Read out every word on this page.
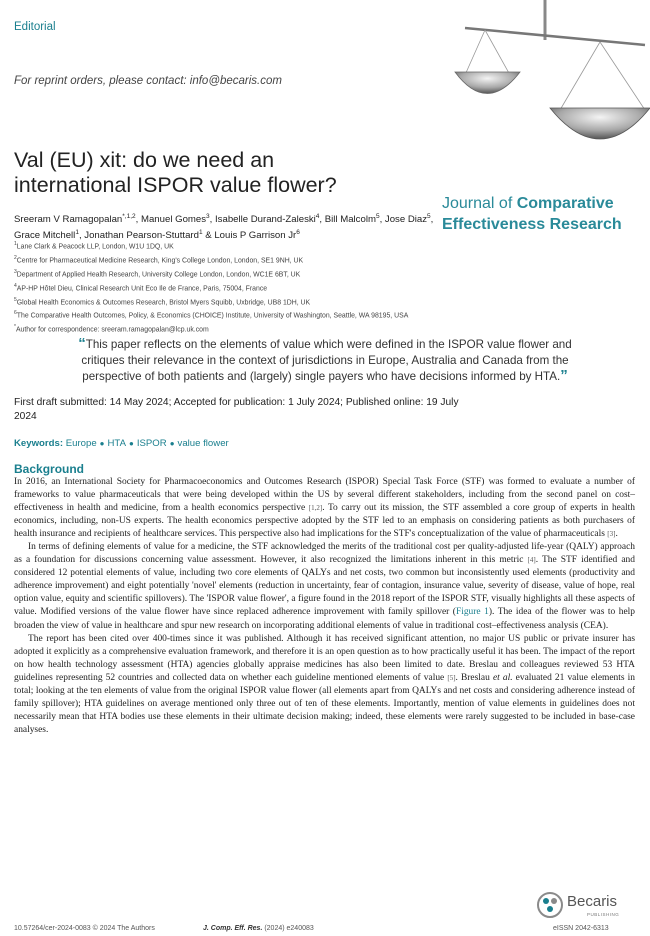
Editorial
For reprint orders, please contact: info@becaris.com
Val (EU) xit: do we need an international ISPOR value flower?
Journal of Comparative
Effectiveness Research
Sreeram V Ramagopalan$^{*,1,2}$, Manuel Gomes$^3$, Isabelle Durand-Zaleski$^4$, Bill Malcolm$^5$, Jose Diaz$^5$, Grace Mitchell$^1$, Jonathan Pearson-Stuttard$^1$ & Louis P Garrison Jr$^6$
$^1$Lane Clark & Peacock LLP, London, W1U 1DQ, UK
$^2$Centre for Pharmaceutical Medicine Research, King's College London, London, SE1 9NH, UK
$^3$Department of Applied Health Research, University College London, London, WC1E 6BT, UK
$^4$AP-HP Hôtel Dieu, Clinical Research Unit Eco Ile de France, Paris, 75004, France
$^5$Global Health Economics & Outcomes Research, Bristol Myers Squibb, Uxbridge, UB8 1DH, UK
$^6$The Comparative Health Outcomes, Policy, & Economics (CHOICE) Institute, University of Washington, Seattle, WA 98195, USA
*Author for correspondence: sreeram.ramagopalan@lcp.uk.com
“This paper reflects on the elements of value which were defined in the ISPOR value flower and critiques their relevance in the context of jurisdictions in Europe, Australia and Canada from the perspective of both patients and (largely) single payers who have decisions informed by HTA.”
First draft submitted: 14 May 2024; Accepted for publication: 1 July 2024; Published online: 19 July 2024
Keywords: Europe ● HTA ● ISPOR ● value flower
Background

In 2016, an International Society for Pharmacoeconomics and Outcomes Research (ISPOR) Special Task Force (STF) was formed to evaluate a number of frameworks to value pharmaceuticals that were being developed within the US by several different stakeholders, including from the second panel on cost–effectiveness in health and medicine, from a health economics perspective [1,2]. To carry out its mission, the STF assembled a core group of experts in health economics, including, non-US experts. The health economics perspective adopted by the STF led to an emphasis on considering patients as both purchasers of health insurance and recipients of healthcare services. This perspective also had implications for the STF's conceptualization of the value of pharmaceuticals [3].

In terms of defining elements of value for a medicine, the STF acknowledged the merits of the traditional cost per quality-adjusted life-year (QALY) approach as a foundation for discussions concerning value assessment. However, it also recognized the limitations inherent in this metric [4]. The STF identified and considered 12 potential elements of value, including two core elements of QALYs and net costs, two common but inconsistently used elements (productivity and adherence improvement) and eight potentially 'novel' elements (reduction in uncertainty, fear of contagion, insurance value, severity of disease, value of hope, real option value, equity and scientific spillovers). The 'ISPOR value flower', a figure found in the 2018 report of the ISPOR STF, visually highlights all these aspects of value. Modified versions of the value flower have since replaced adherence improvement with family spillover (Figure 1). The idea of the flower was to help broaden the view of value in healthcare and spur new research on incorporating additional elements of value in traditional cost–effectiveness analysis (CEA).

The report has been cited over 400-times since it was published. Although it has received significant attention, no major US public or private insurer has adopted it explicitly as a comprehensive evaluation framework, and therefore it is an open question as to how practically useful it has been. The impact of the report on how health technology assessment (HTA) agencies globally appraise medicines has also been limited to date. Breslau and colleagues reviewed 53 HTA guidelines representing 52 countries and collected data on whether each guideline mentioned elements of value [5]. Breslau et al. evaluated 21 value elements in total; looking at the ten elements of value from the original ISPOR value flower (all elements apart from QALYs and net costs and considering adherence instead of family spillover); HTA guidelines on average mentioned only three out of ten of these elements. Importantly, mention of value elements in guidelines does not necessarily mean that HTA bodies use these elements in their ultimate decision making; indeed, these elements were rarely suggested to be included in base-case analyses.

Becaris
PUBLISHING
10.57264/cer-2024-0083 © 2024 The Authors	J. Comp. Eff. Res. (2024) e240083	eISSN 2042-6313
